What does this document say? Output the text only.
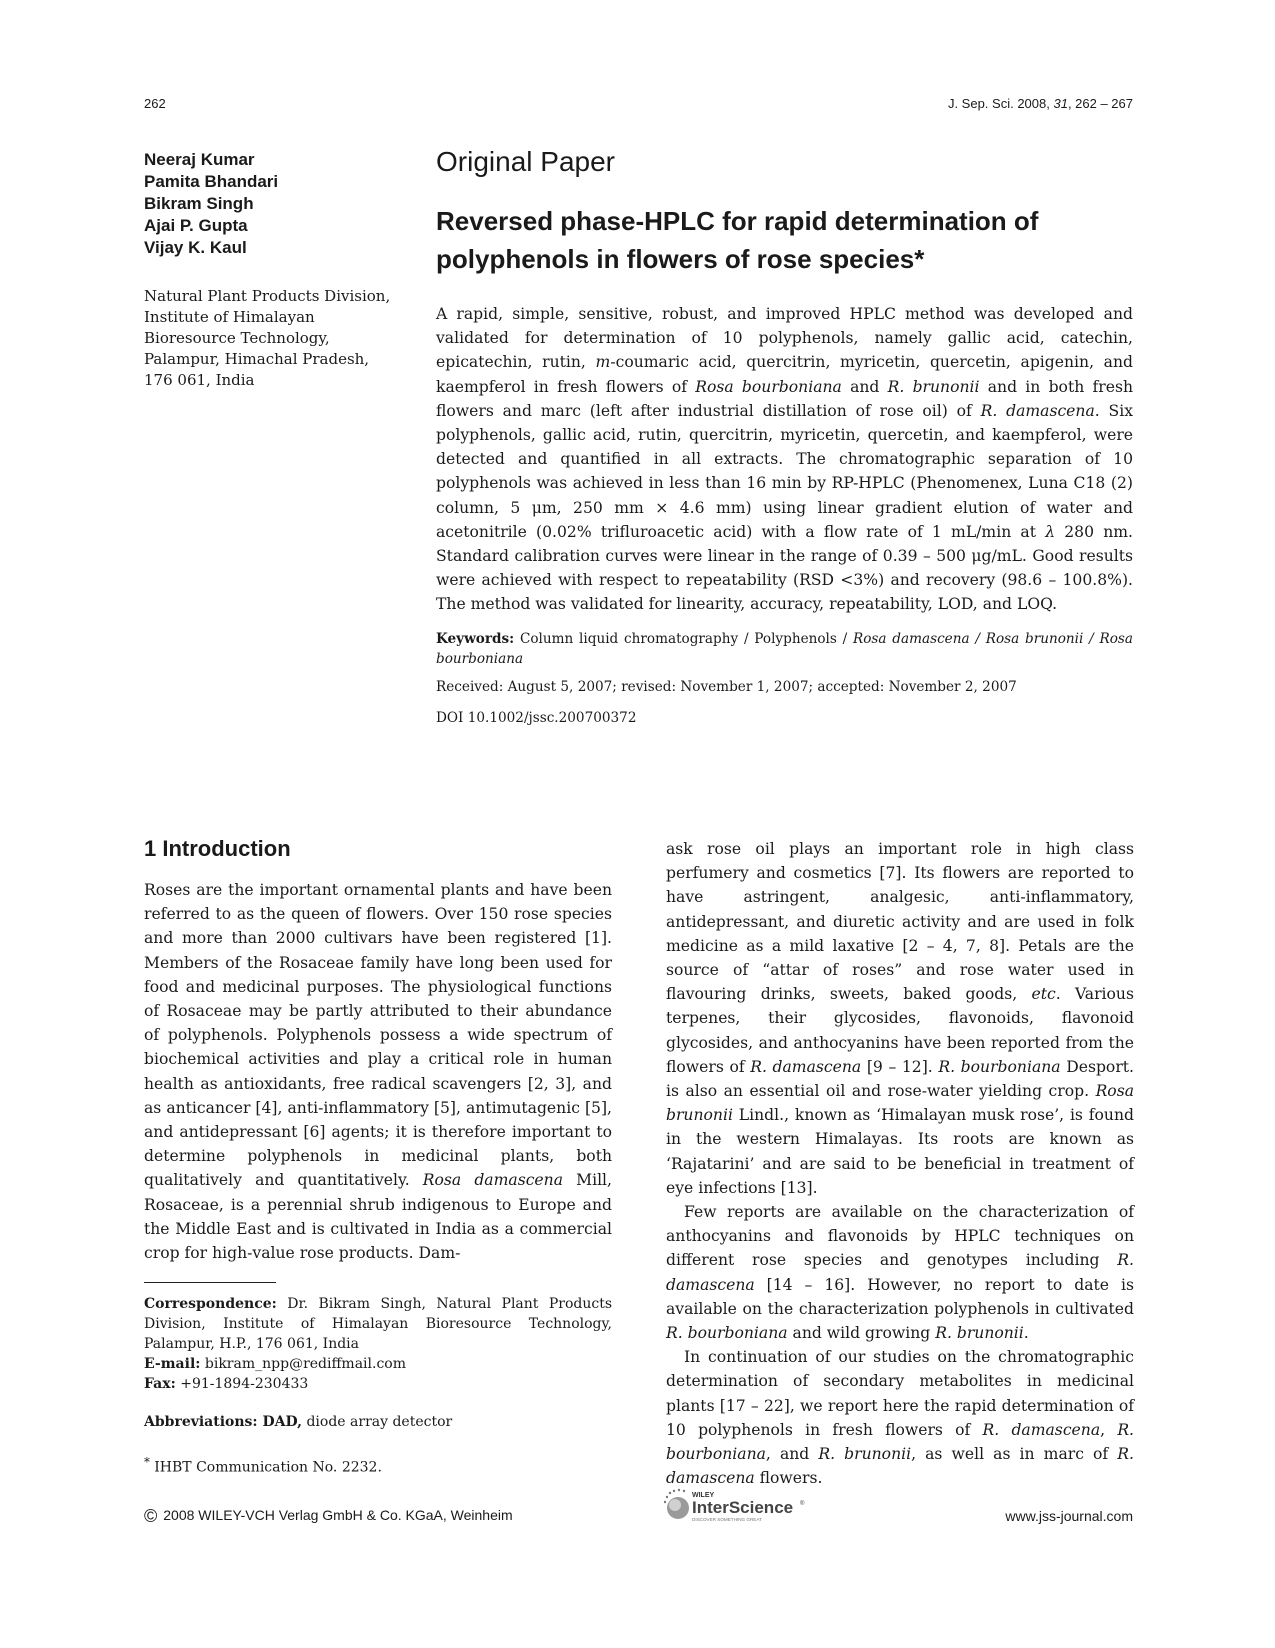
262	J. Sep. Sci. 2008, 31, 262 – 267
Neeraj Kumar
Pamita Bhandari
Bikram Singh
Ajai P. Gupta
Vijay K. Kaul
Natural Plant Products Division,
Institute of Himalayan
Bioresource Technology,
Palampur, Himachal Pradesh,
176 061, India
Original Paper
Reversed phase-HPLC for rapid determination of polyphenols in flowers of rose species*
A rapid, simple, sensitive, robust, and improved HPLC method was developed and validated for determination of 10 polyphenols, namely gallic acid, catechin, epicatechin, rutin, m-coumaric acid, quercitrin, myricetin, quercetin, apigenin, and kaempferol in fresh flowers of Rosa bourboniana and R. brunonii and in both fresh flowers and marc (left after industrial distillation of rose oil) of R. damascena. Six polyphenols, gallic acid, rutin, quercitrin, myricetin, quercetin, and kaempferol, were detected and quantified in all extracts. The chromatographic separation of 10 polyphenols was achieved in less than 16 min by RP-HPLC (Phenomenex, Luna C18 (2) column, 5 μm, 250 mm × 4.6 mm) using linear gradient elution of water and acetonitrile (0.02% trifluroacetic acid) with a flow rate of 1 mL/min at λ 280 nm. Standard calibration curves were linear in the range of 0.39 – 500 μg/mL. Good results were achieved with respect to repeatability (RSD <3%) and recovery (98.6 – 100.8%). The method was validated for linearity, accuracy, repeatability, LOD, and LOQ.
Keywords: Column liquid chromatography / Polyphenols / Rosa damascena / Rosa brunonii / Rosa bourboniana
Received: August 5, 2007; revised: November 1, 2007; accepted: November 2, 2007
DOI 10.1002/jssc.200700372
1 Introduction

Roses are the important ornamental plants and have been referred to as the queen of flowers. Over 150 rose species and more than 2000 cultivars have been registered [1]. Members of the Rosaceae family have long been used for food and medicinal purposes. The physiological functions of Rosaceae may be partly attributed to their abundance of polyphenols. Polyphenols possess a wide spectrum of biochemical activities and play a critical role in human health as antioxidants, free radical scavengers [2, 3], and as anticancer [4], anti-inflammatory [5], antimutagenic [5], and antidepressant [6] agents; it is therefore important to determine polyphenols in medicinal plants, both qualitatively and quantitatively. Rosa damascena Mill, Rosaceae, is a perennial shrub indigenous to Europe and the Middle East and is cultivated in India as a commercial crop for high-value rose products. Dam-

ask rose oil plays an important role in high class perfumery and cosmetics [7]. Its flowers are reported to have astringent, analgesic, anti-inflammatory, antidepressant, and diuretic activity and are used in folk medicine as a mild laxative [2 – 4, 7, 8]. Petals are the source of “attar of roses” and rose water used in flavouring drinks, sweets, baked goods, etc. Various terpenes, their glycosides, flavonoids, flavonoid glycosides, and anthocyanins have been reported from the flowers of R. damascena [9 – 12]. R. bourboniana Desport. is also an essential oil and rose-water yielding crop. Rosa brunonii Lindl., known as ‘Himalayan musk rose’, is found in the western Himalayas. Its roots are known as ‘Rajatarini’ and are said to be beneficial in treatment of eye infections [13].

Few reports are available on the characterization of anthocyanins and flavonoids by HPLC techniques on different rose species and genotypes including R. damascena [14 – 16]. However, no report to date is available on the characterization polyphenols in cultivated R. bourboniana and wild growing R. brunonii.

In continuation of our studies on the chromatographic determination of secondary metabolites in medicinal plants [17 – 22], we report here the rapid determination of 10 polyphenols in fresh flowers of R. damascena, R. bourboniana, and R. brunonii, as well as in marc of R. damascena flowers.

Correspondence: Dr. Bikram Singh, Natural Plant Products Division, Institute of Himalayan Bioresource Technology, Palampur, H.P., 176 061, India
E-mail: bikram_npp@rediffmail.com
Fax: +91-1894-230433
Abbreviations: DAD, diode array detector
* IHBT Communication No. 2232.
© 2008 WILEY-VCH Verlag GmbH & Co. KGaA, Weinheim
WILEY
InterScience ®
DISCOVER SOMETHING GREAT	www.jss-journal.com
